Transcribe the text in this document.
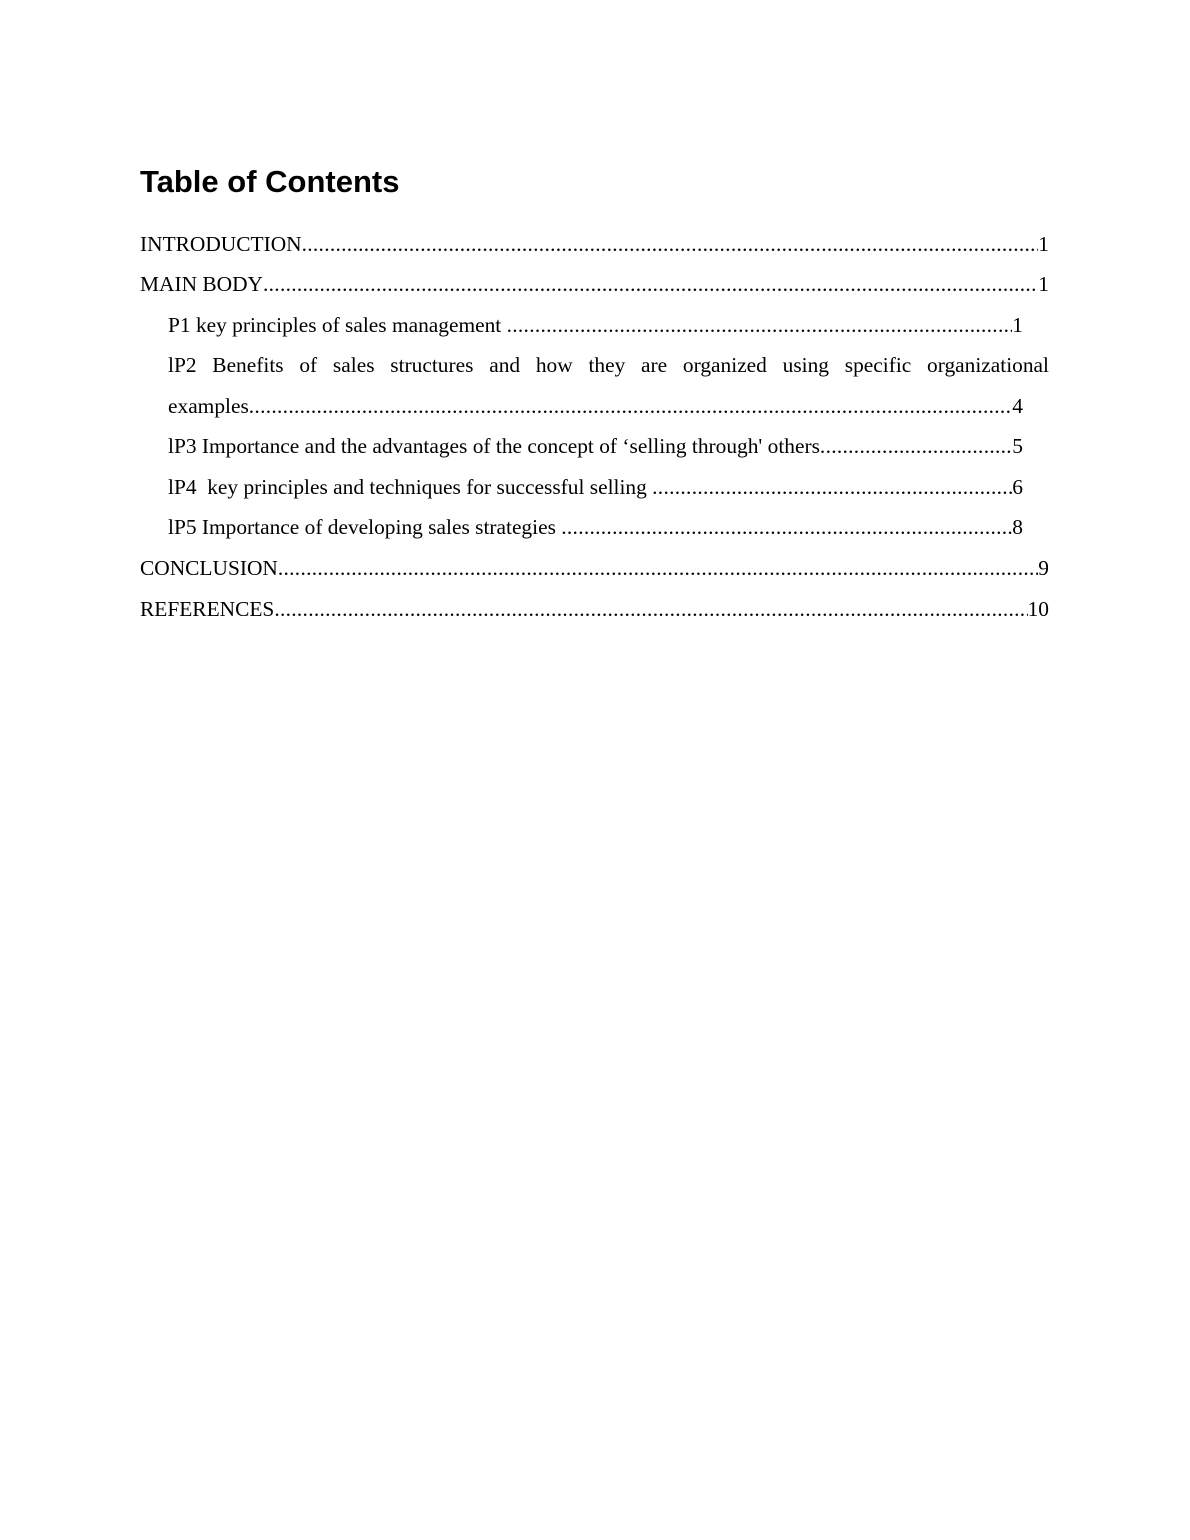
Table of Contents
INTRODUCTION .....	1
MAIN BODY .....	1
P1 key principles of sales management .....	1
lP2 Benefits of sales structures and how they are organized using specific organizational
examples .....	4
lP3 Importance and the advantages of the concept of ‘selling through' others .....	5
lP4  key principles and techniques for successful selling .....	6
lP5 Importance of developing sales strategies .....	8
CONCLUSION .....	9
REFERENCES .....	10
